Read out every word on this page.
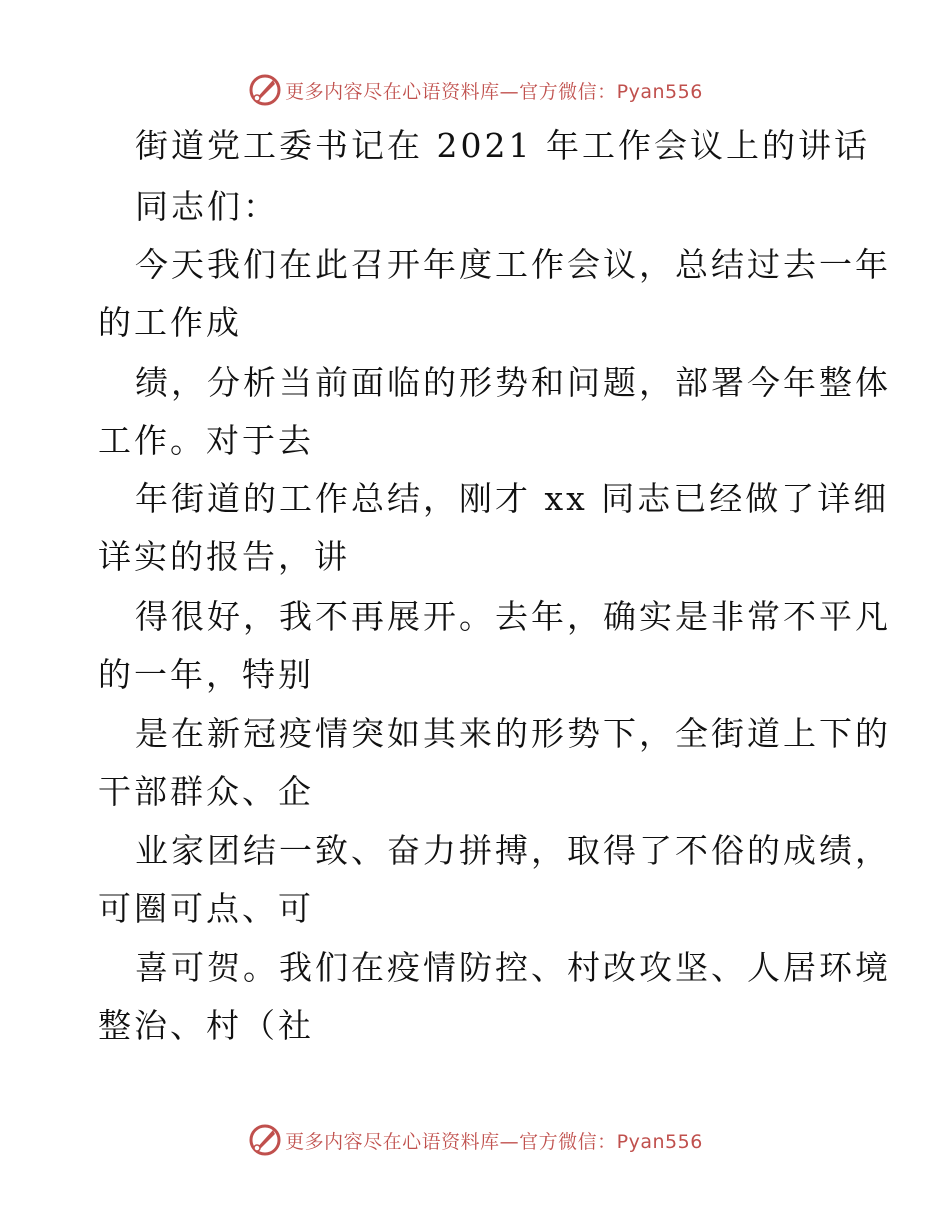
更多内容尽在心语资料库—官方微信：Pyan556
街道党工委书记在 2021 年工作会议上的讲话
同志们：
今天我们在此召开年度工作会议，总结过去一年
的工作成
绩，分析当前面临的形势和问题，部署今年整体
工作。对于去
年街道的工作总结，刚才 xx 同志已经做了详细
详实的报告，讲
得很好，我不再展开。去年，确实是非常不平凡
的一年，特别
是在新冠疫情突如其来的形势下，全街道上下的
干部群众、企
业家团结一致、奋力拼搏，取得了不俗的成绩，
可圈可点、可
喜可贺。我们在疫情防控、村改攻坚、人居环境
整治、村（社
更多内容尽在心语资料库—官方微信：Pyan556
